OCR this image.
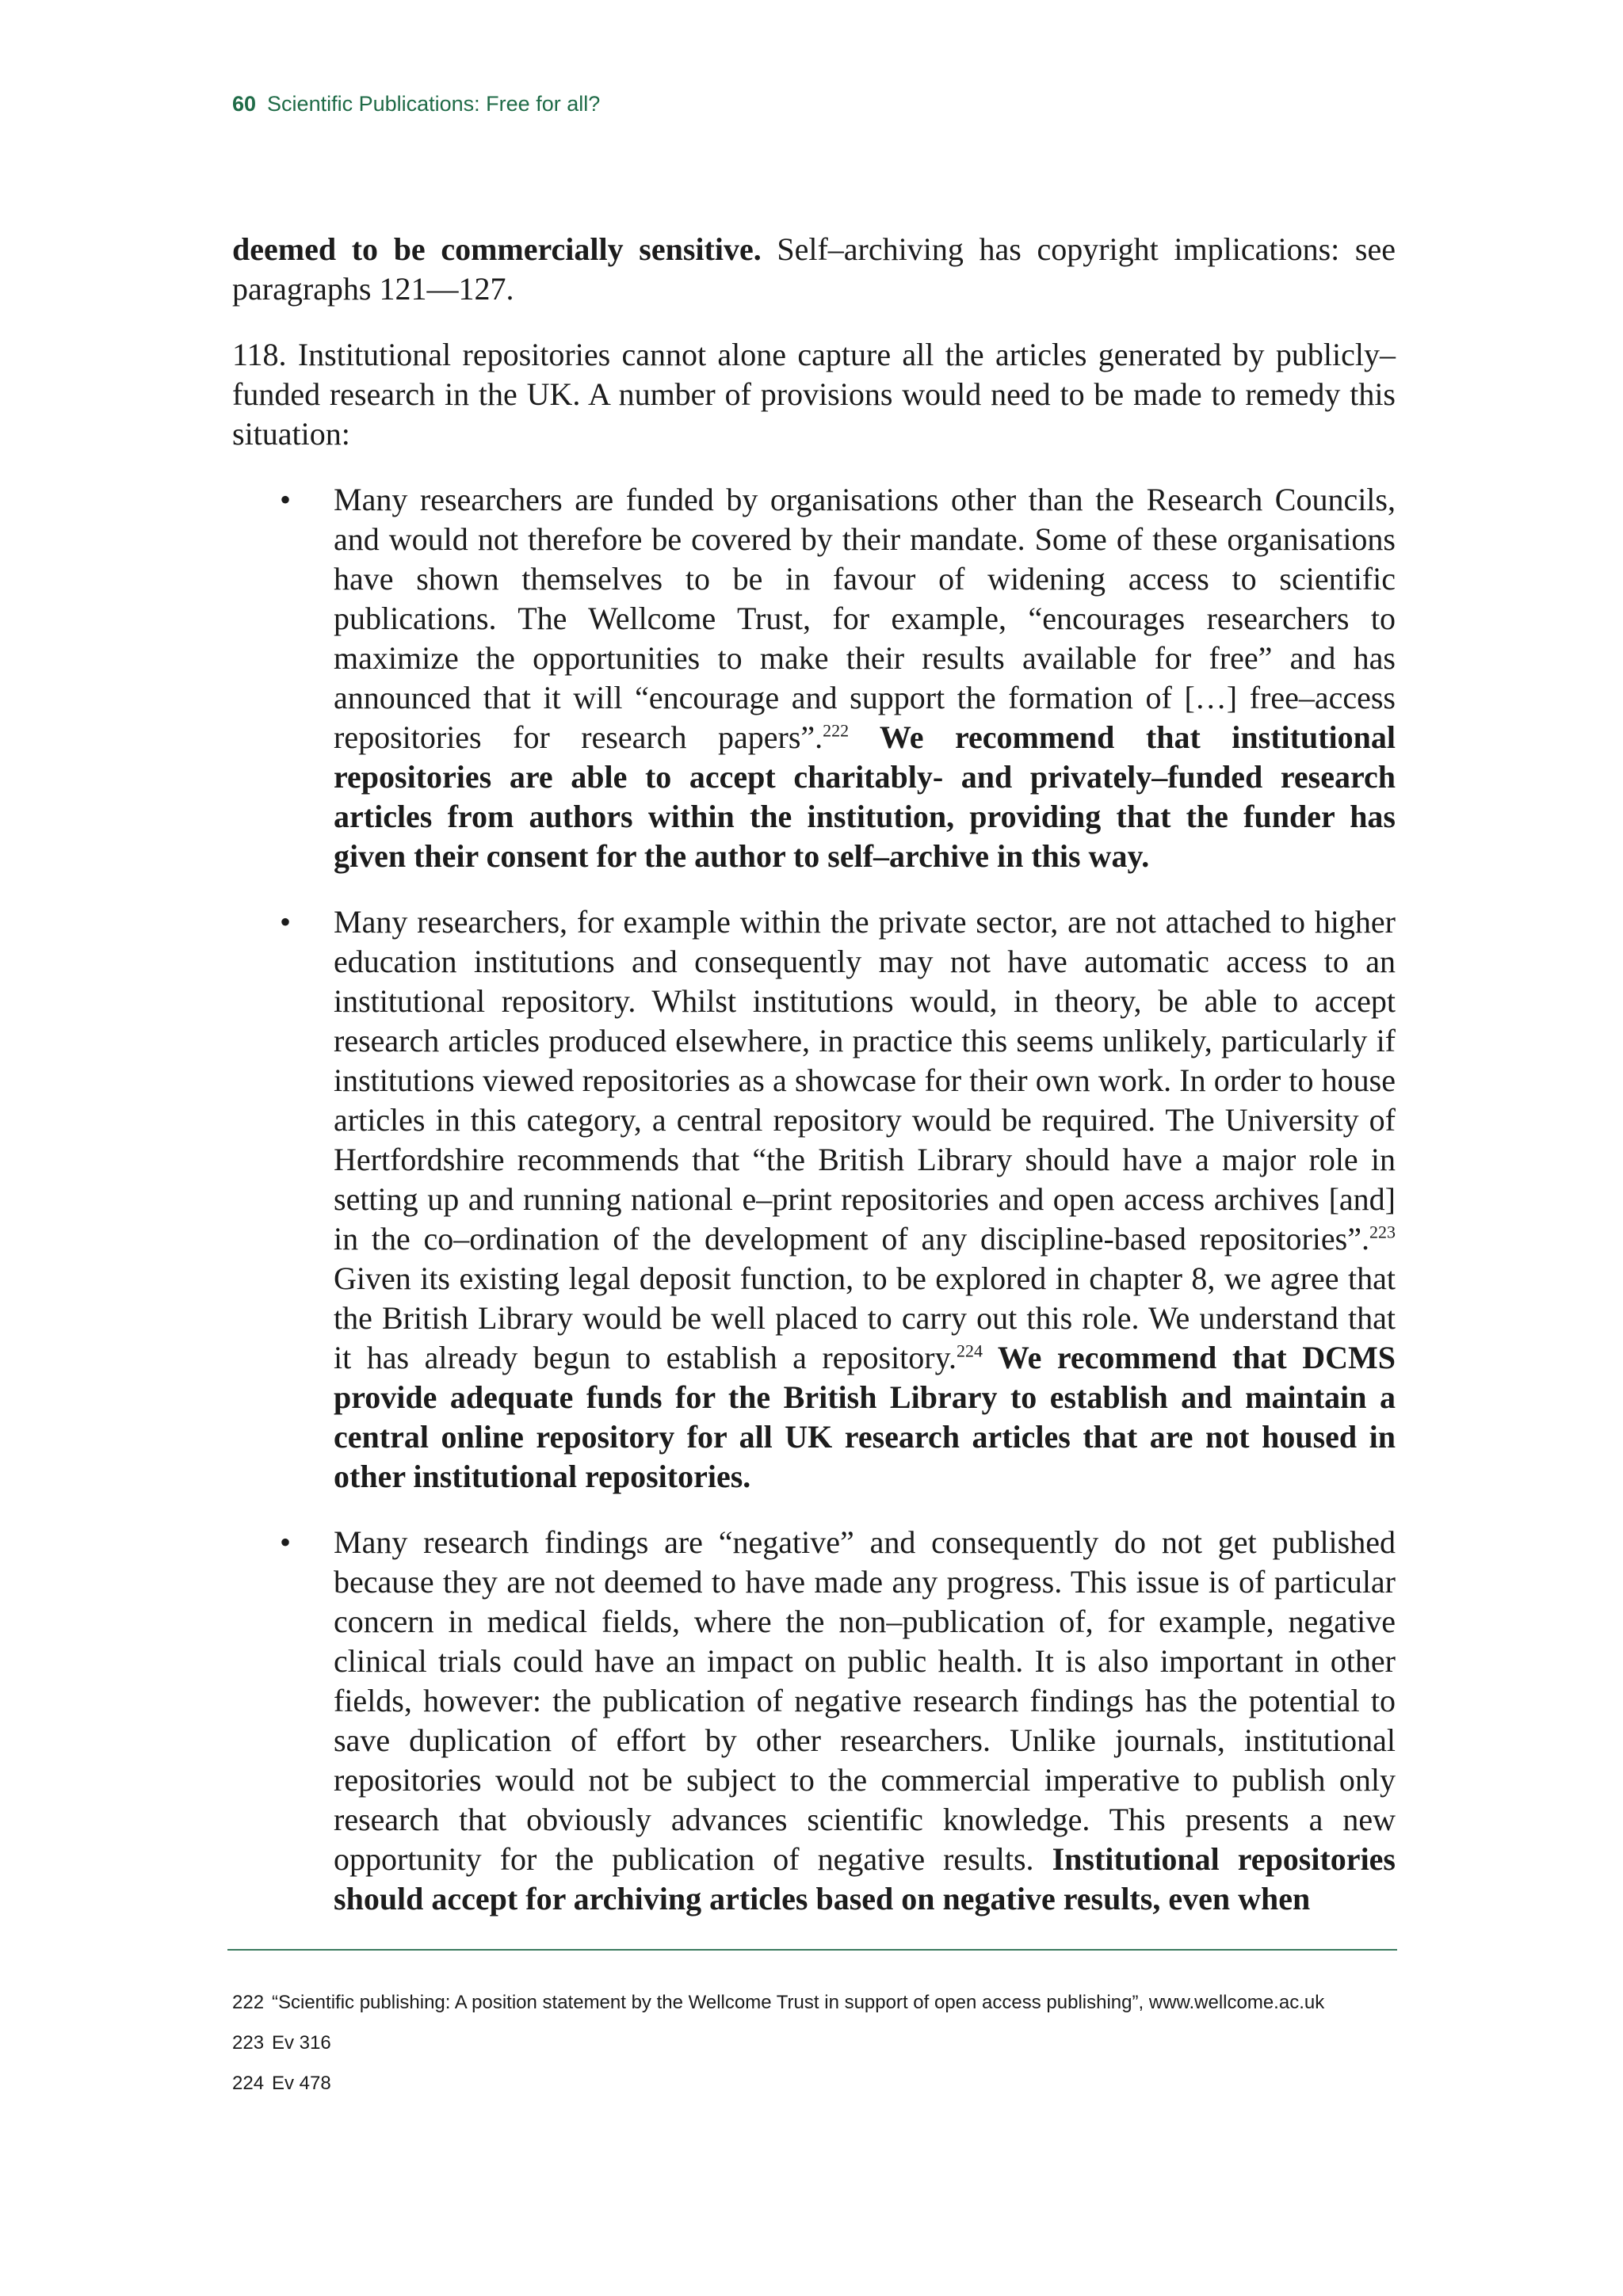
60 Scientific Publications: Free for all?

deemed to be commercially sensitive. Self–archiving has copyright implications: see paragraphs 121—127.

118. Institutional repositories cannot alone capture all the articles generated by publicly–funded research in the UK. A number of provisions would need to be made to remedy this situation:

• Many researchers are funded by organisations other than the Research Councils, and would not therefore be covered by their mandate. Some of these organisations have shown themselves to be in favour of widening access to scientific publications. The Wellcome Trust, for example, “encourages researchers to maximize the opportunities to make their results available for free” and has announced that it will “encourage and support the formation of […] free–access repositories for research papers”.$^{222}$ We recommend that institutional repositories are able to accept charitably- and privately–funded research articles from authors within the institution, providing that the funder has given their consent for the author to self–archive in this way.
• Many researchers, for example within the private sector, are not attached to higher education institutions and consequently may not have automatic access to an institutional repository. Whilst institutions would, in theory, be able to accept research articles produced elsewhere, in practice this seems unlikely, particularly if institutions viewed repositories as a showcase for their own work. In order to house articles in this category, a central repository would be required. The University of Hertfordshire recommends that “the British Library should have a major role in setting up and running national e–print repositories and open access archives [and] in the co–ordination of the development of any discipline-based repositories”.$^{223}$ Given its existing legal deposit function, to be explored in chapter 8, we agree that the British Library would be well placed to carry out this role. We understand that it has already begun to establish a repository.$^{224}$ We recommend that DCMS provide adequate funds for the British Library to establish and maintain a central online repository for all UK research articles that are not housed in other institutional repositories.
• Many research findings are “negative” and consequently do not get published because they are not deemed to have made any progress. This issue is of particular concern in medical fields, where the non–publication of, for example, negative clinical trials could have an impact on public health. It is also important in other fields, however: the publication of negative research findings has the potential to save duplication of effort by other researchers. Unlike journals, institutional repositories would not be subject to the commercial imperative to publish only research that obviously advances scientific knowledge. This presents a new opportunity for the publication of negative results. Institutional repositories should accept for archiving articles based on negative results, even when
222 “Scientific publishing: A position statement by the Wellcome Trust in support of open access publishing”, www.wellcome.ac.uk
223 Ev 316
224 Ev 478
